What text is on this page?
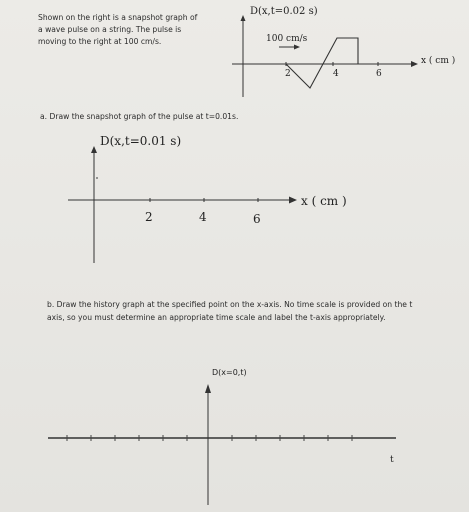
Shown on the right is a snapshot graph of
a wave pulse on a string. The pulse is
moving to the right at 100 cm/s.
a. Draw the snapshot graph of the pulse at t=0.01s.
b. Draw the history graph at the specified point on the x-axis. No time scale is provided on the t
axis, so you must determine an appropriate time scale and label the t-axis appropriately.
D(x,t=0.02 s)
100 cm/s
x ( cm )
2	4	6
D(x,t=0.01 s)
x ( cm )
2	4	6
D(x=0,t)
t
